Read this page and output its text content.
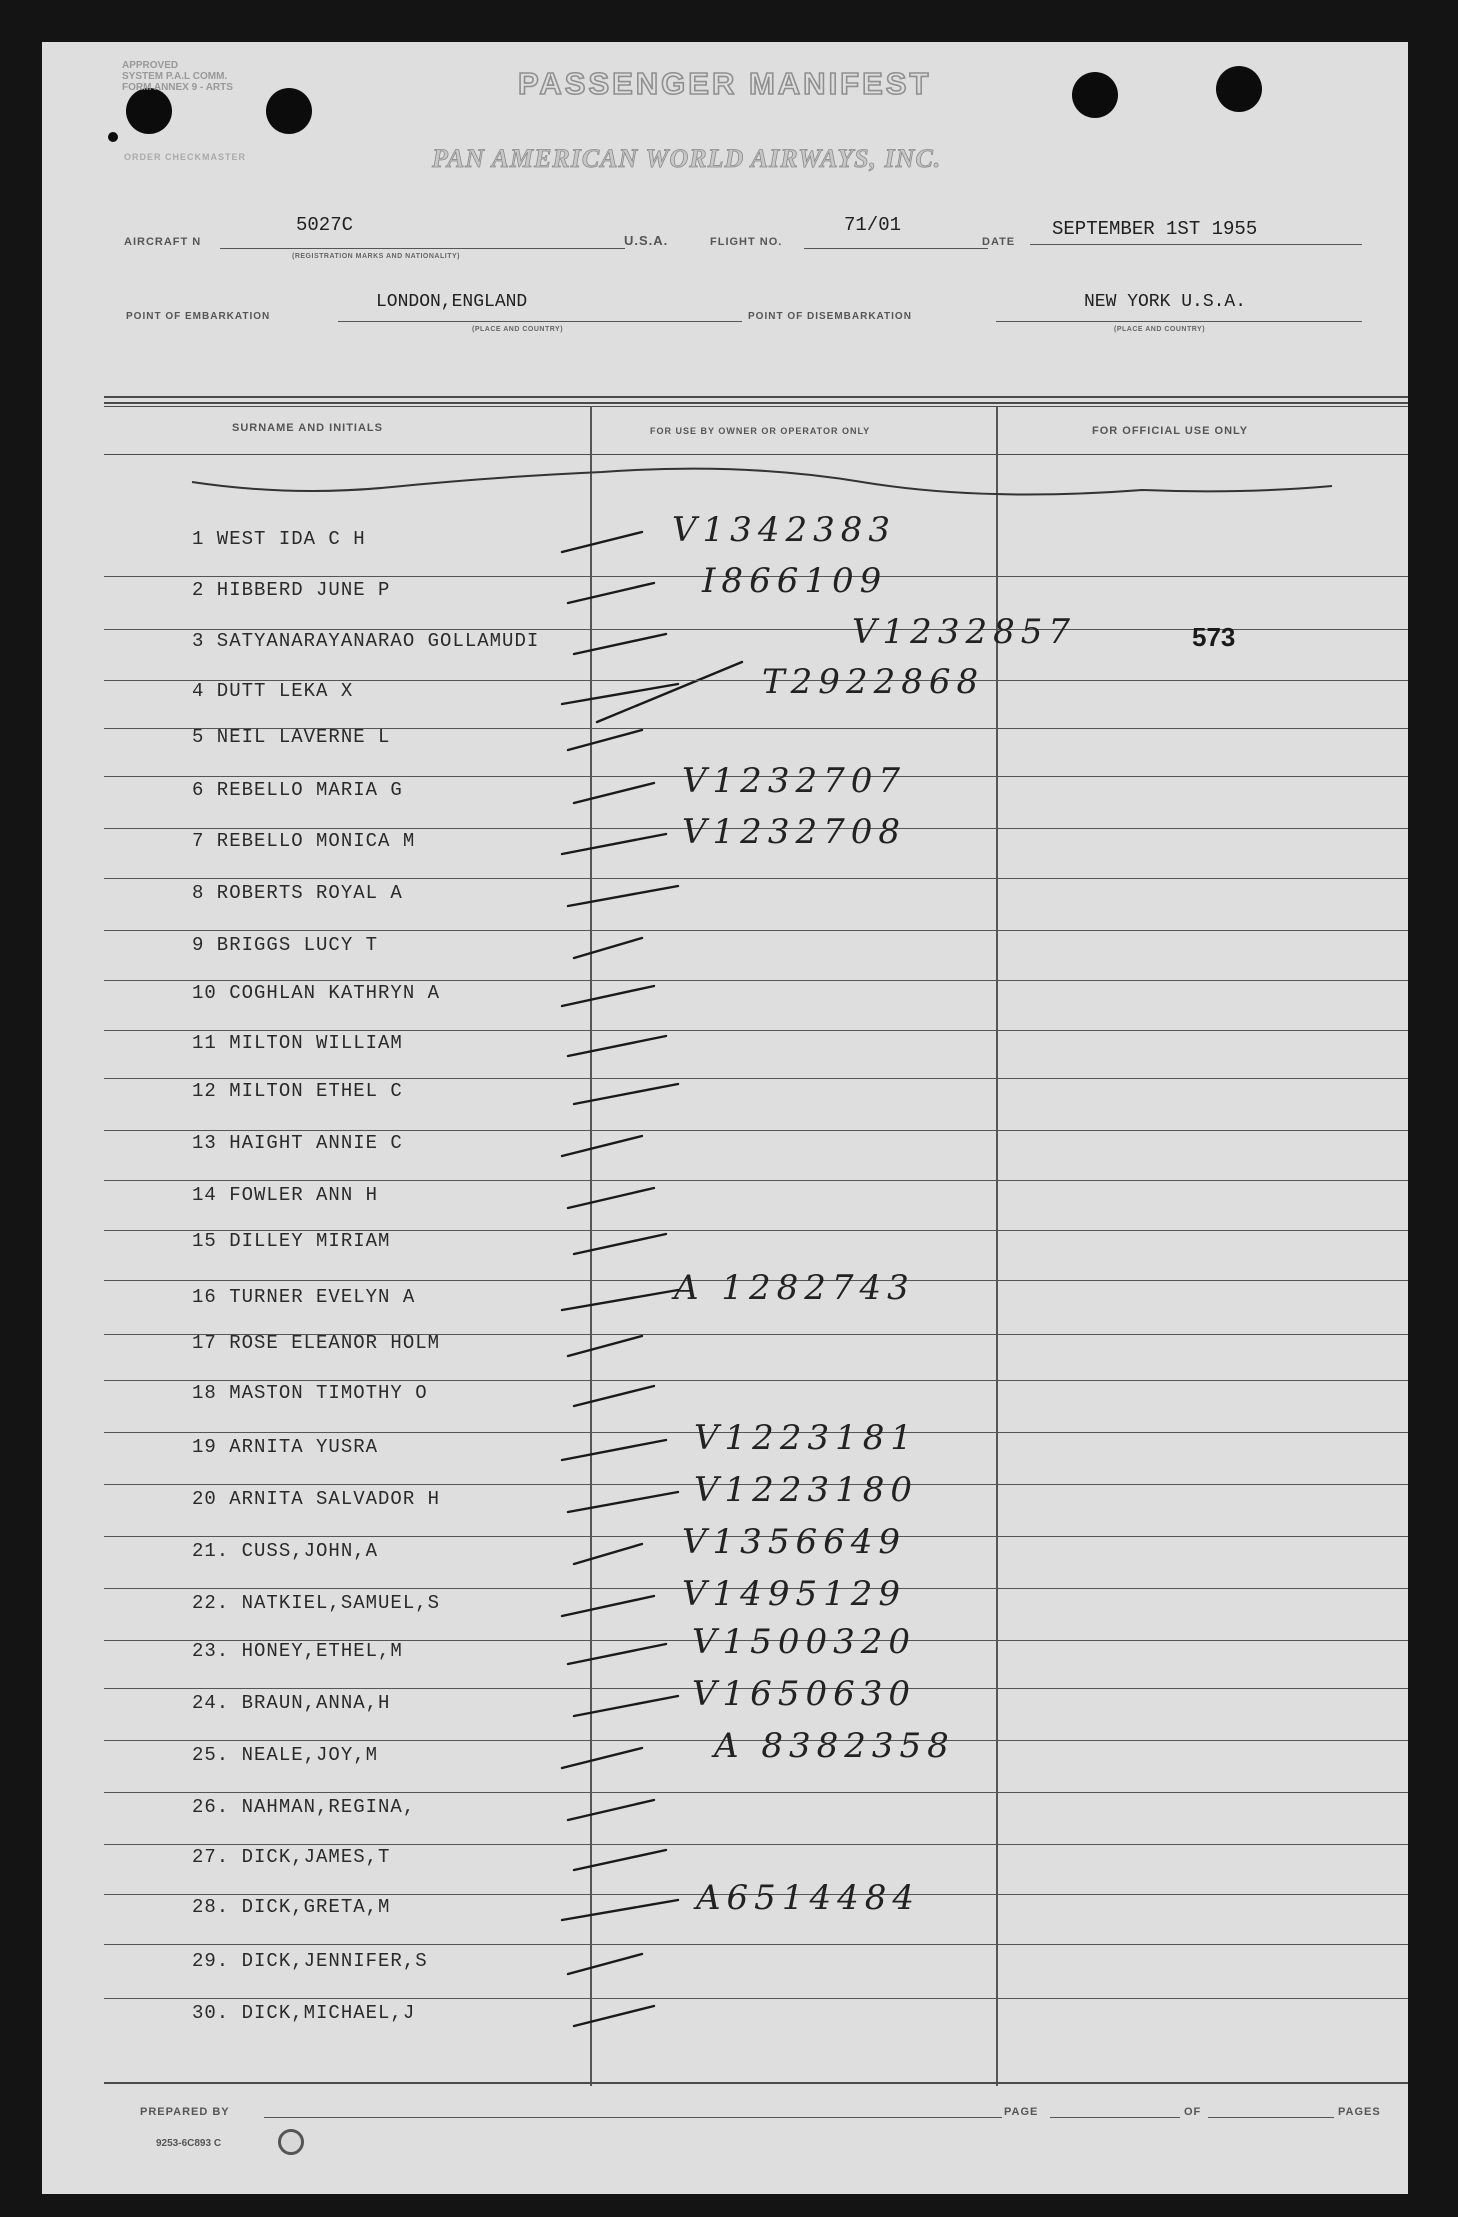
APPROVED
SYSTEM P.A.L COMM.
FORM ANNEX 9 - ARTS
ORDER CHECKMASTER
PASSENGER MANIFEST
PAN AMERICAN WORLD AIRWAYS, INC.
AIRCRAFT N
5027C
(REGISTRATION MARKS AND NATIONALITY)
U.S.A.	FLIGHT NO.
71/01
DATE
SEPTEMBER 1ST 1955
POINT OF EMBARKATION
LONDON,ENGLAND
(PLACE AND COUNTRY)
POINT OF DISEMBARKATION
NEW YORK U.S.A.
(PLACE AND COUNTRY)
SURNAME AND INITIALS	FOR USE BY OWNER OR OPERATOR ONLY	FOR OFFICIAL USE ONLY
1 WEST IDA C H	V1342383
2 HIBBERD JUNE P	I866109
3 SATYANARAYANARAO GOLLAMUDI	V1232857	573
4 DUTT LEKA X	T2922868
5 NEIL LAVERNE L
6 REBELLO MARIA G	V1232707
7 REBELLO MONICA M	V1232708
8 ROBERTS ROYAL A
9 BRIGGS LUCY T
10 COGHLAN KATHRYN A
11 MILTON WILLIAM
12 MILTON ETHEL C
13 HAIGHT ANNIE C
14 FOWLER ANN H
15 DILLEY MIRIAM
16 TURNER EVELYN A	A 1282743
17 ROSE ELEANOR HOLM
18 MASTON TIMOTHY O
19 ARNITA YUSRA	V1223181
20 ARNITA SALVADOR H	V1223180
21. CUSS,JOHN,A	V1356649
22. NATKIEL,SAMUEL,S	V1495129
23. HONEY,ETHEL,M	V1500320
24. BRAUN,ANNA,H	V1650630
25. NEALE,JOY,M	A 8382358
26. NAHMAN,REGINA,
27. DICK,JAMES,T
28. DICK,GRETA,M	A6514484
29. DICK,JENNIFER,S
30. DICK,MICHAEL,J
PREPARED BY	PAGE	OF	PAGES
9253-6C893 C
